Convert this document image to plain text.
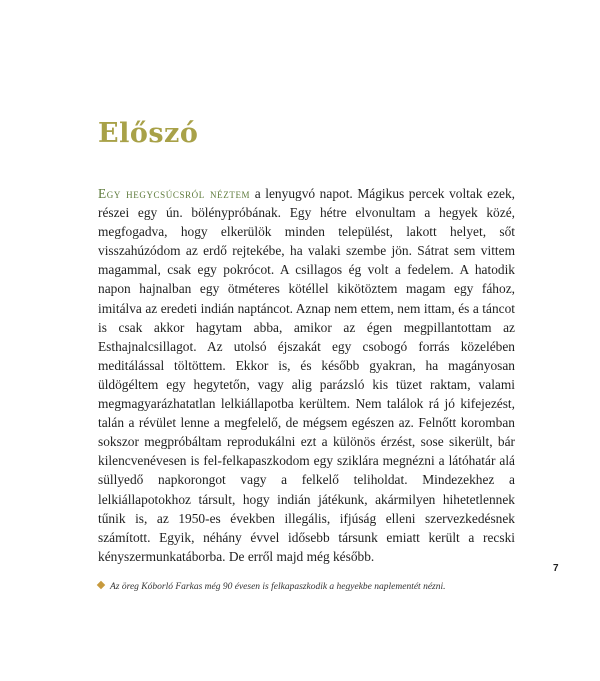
Előszó

Egy hegycsúcsról néztem a lenyugvó napot. Mágikus percek voltak ezek, részei egy ún. bölénypróbának. Egy hétre elvonultam a hegyek közé, megfogadva, hogy elkerülök minden települést, lakott helyet, sőt visszahúzódom az erdő rejtekébe, ha valaki szembe jön. Sátrat sem vittem magammal, csak egy pokrócot. A csillagos ég volt a fedelem. A hatodik napon hajnalban egy ötméteres kötéllel kikötöztem magam egy fához, imitálva az eredeti indián naptáncot. Aznap nem ettem, nem ittam, és a táncot is csak akkor hagytam abba, amikor az égen megpillantottam az Esthajnalcsillagot. Az utolsó éjszakát egy csobogó forrás közelében meditálással töltöttem. Ekkor is, és később gyakran, ha magányosan üldögéltem egy hegytetőn, vagy alig parázsló kis tüzet raktam, valami megmagyarázhatatlan lelkiállapotba kerültem. Nem találok rá jó kifejezést, talán a révület lenne a megfelelő, de mégsem egészen az. Felnőtt koromban sokszor megpróbáltam reprodukálni ezt a különös érzést, sose sikerült, bár kilencvenévesen is fel-felkapaszkodom egy sziklára megnézni a látóhatár alá süllyedő napkorongot vagy a felkelő teliholdat. Mindezekhez a lelkiállapotokhoz társult, hogy indián játékunk, akármilyen hihetetlennek tűnik is, az 1950-es években illegális, ifjúság elleni szervezkedésnek számított. Egyik, néhány évvel idősebb társunk emiatt került a recski kényszermunkatáborba. De erről majd még később.

7
Az öreg Kóborló Farkas még 90 évesen is felkapaszkodik a hegyekbe naplementét nézni.
